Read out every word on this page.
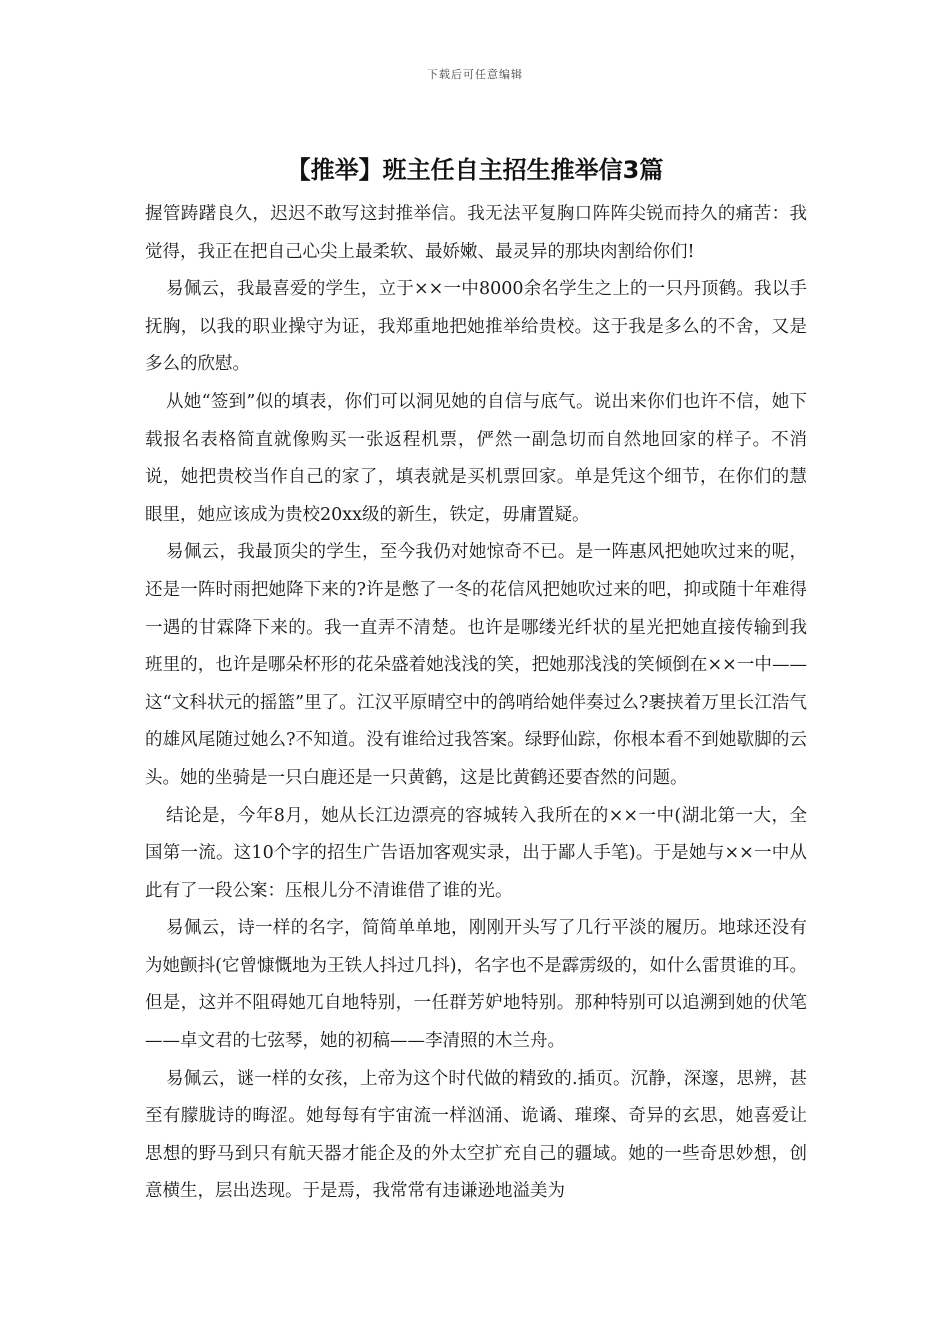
下载后可任意编辑
【推举】班主任自主招生推举信3篇

握管踌躇良久，迟迟不敢写这封推举信。我无法平复胸口阵阵尖锐而持久的痛苦：我觉得，我正在把自己心尖上最柔软、最娇嫩、最灵异的那块肉割给你们!

易佩云，我最喜爱的学生，立于××一中8000余名学生之上的一只丹顶鹤。我以手抚胸，以我的职业操守为证，我郑重地把她推举给贵校。这于我是多么的不舍，又是多么的欣慰。

从她“签到”似的填表，你们可以洞见她的自信与底气。说出来你们也许不信，她下载报名表格简直就像购买一张返程机票，俨然一副急切而自然地回家的样子。不消说，她把贵校当作自己的家了，填表就是买机票回家。单是凭这个细节，在你们的慧眼里，她应该成为贵校20xx级的新生，铁定，毋庸置疑。

易佩云，我最顶尖的学生，至今我仍对她惊奇不已。是一阵惠风把她吹过来的呢，还是一阵时雨把她降下来的?许是憋了一冬的花信风把她吹过来的吧，抑或随十年难得一遇的甘霖降下来的。我一直弄不清楚。也许是哪缕光纤状的星光把她直接传输到我班里的，也许是哪朵杯形的花朵盛着她浅浅的笑，把她那浅浅的笑倾倒在××一中——这“文科状元的摇篮”里了。江汉平原晴空中的鸽哨给她伴奏过么?裹挟着万里长江浩气的雄风尾随过她么?不知道。没有谁给过我答案。绿野仙踪，你根本看不到她歇脚的云头。她的坐骑是一只白鹿还是一只黄鹤，这是比黄鹤还要杳然的问题。

结论是，今年8月，她从长江边漂亮的容城转入我所在的××一中(湖北第一大，全国第一流。这10个字的招生广告语加客观实录，出于鄙人手笔)。于是她与××一中从此有了一段公案：压根儿分不清谁借了谁的光。

易佩云，诗一样的名字，简简单单地，刚刚开头写了几行平淡的履历。地球还没有为她颤抖(它曾慷慨地为王铁人抖过几抖)，名字也不是霹雳级的，如什么雷贯谁的耳。但是，这并不阻碍她兀自地特别，一任群芳妒地特别。那种特别可以追溯到她的伏笔——卓文君的七弦琴，她的初稿——李清照的木兰舟。

易佩云，谜一样的女孩，上帝为这个时代做的精致的.插页。沉静，深邃，思辨，甚至有朦胧诗的晦涩。她每每有宇宙流一样汹涌、诡谲、璀璨、奇异的玄思，她喜爱让思想的野马到只有航天器才能企及的外太空扩充自己的疆域。她的一些奇思妙想，创意横生，层出迭现。于是焉，我常常有违谦逊地溢美为
